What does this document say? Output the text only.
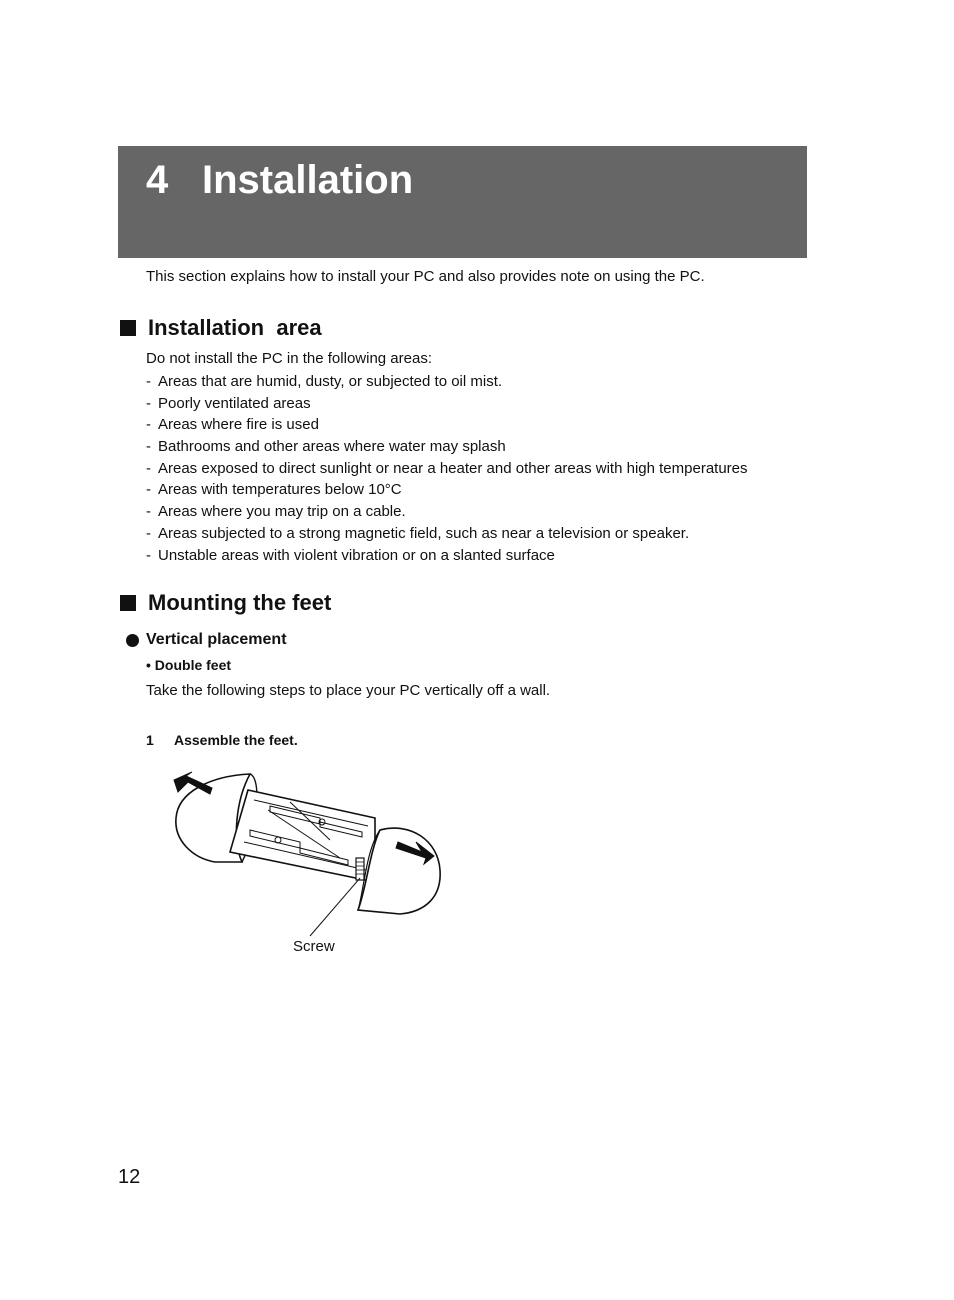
4 Installation
This section explains how to install your PC and also provides note on using the PC.
Installation  area
Do not install the PC in the following areas:
- Areas that are humid, dusty, or subjected to oil mist.
- Poorly ventilated areas
- Areas where fire is used
- Bathrooms and other areas where water may splash
- Areas exposed to direct sunlight or near a heater and other areas with high temperatures
- Areas with temperatures below 10°C
- Areas where you may trip on a cable.
- Areas subjected to a strong magnetic field, such as near a television or speaker.
- Unstable areas with violent vibration or on a slanted surface
Mounting the feet
Vertical placement
• Double feet
Take the following steps to place your PC vertically off a wall.
1 Assemble the feet.
Screw
12
